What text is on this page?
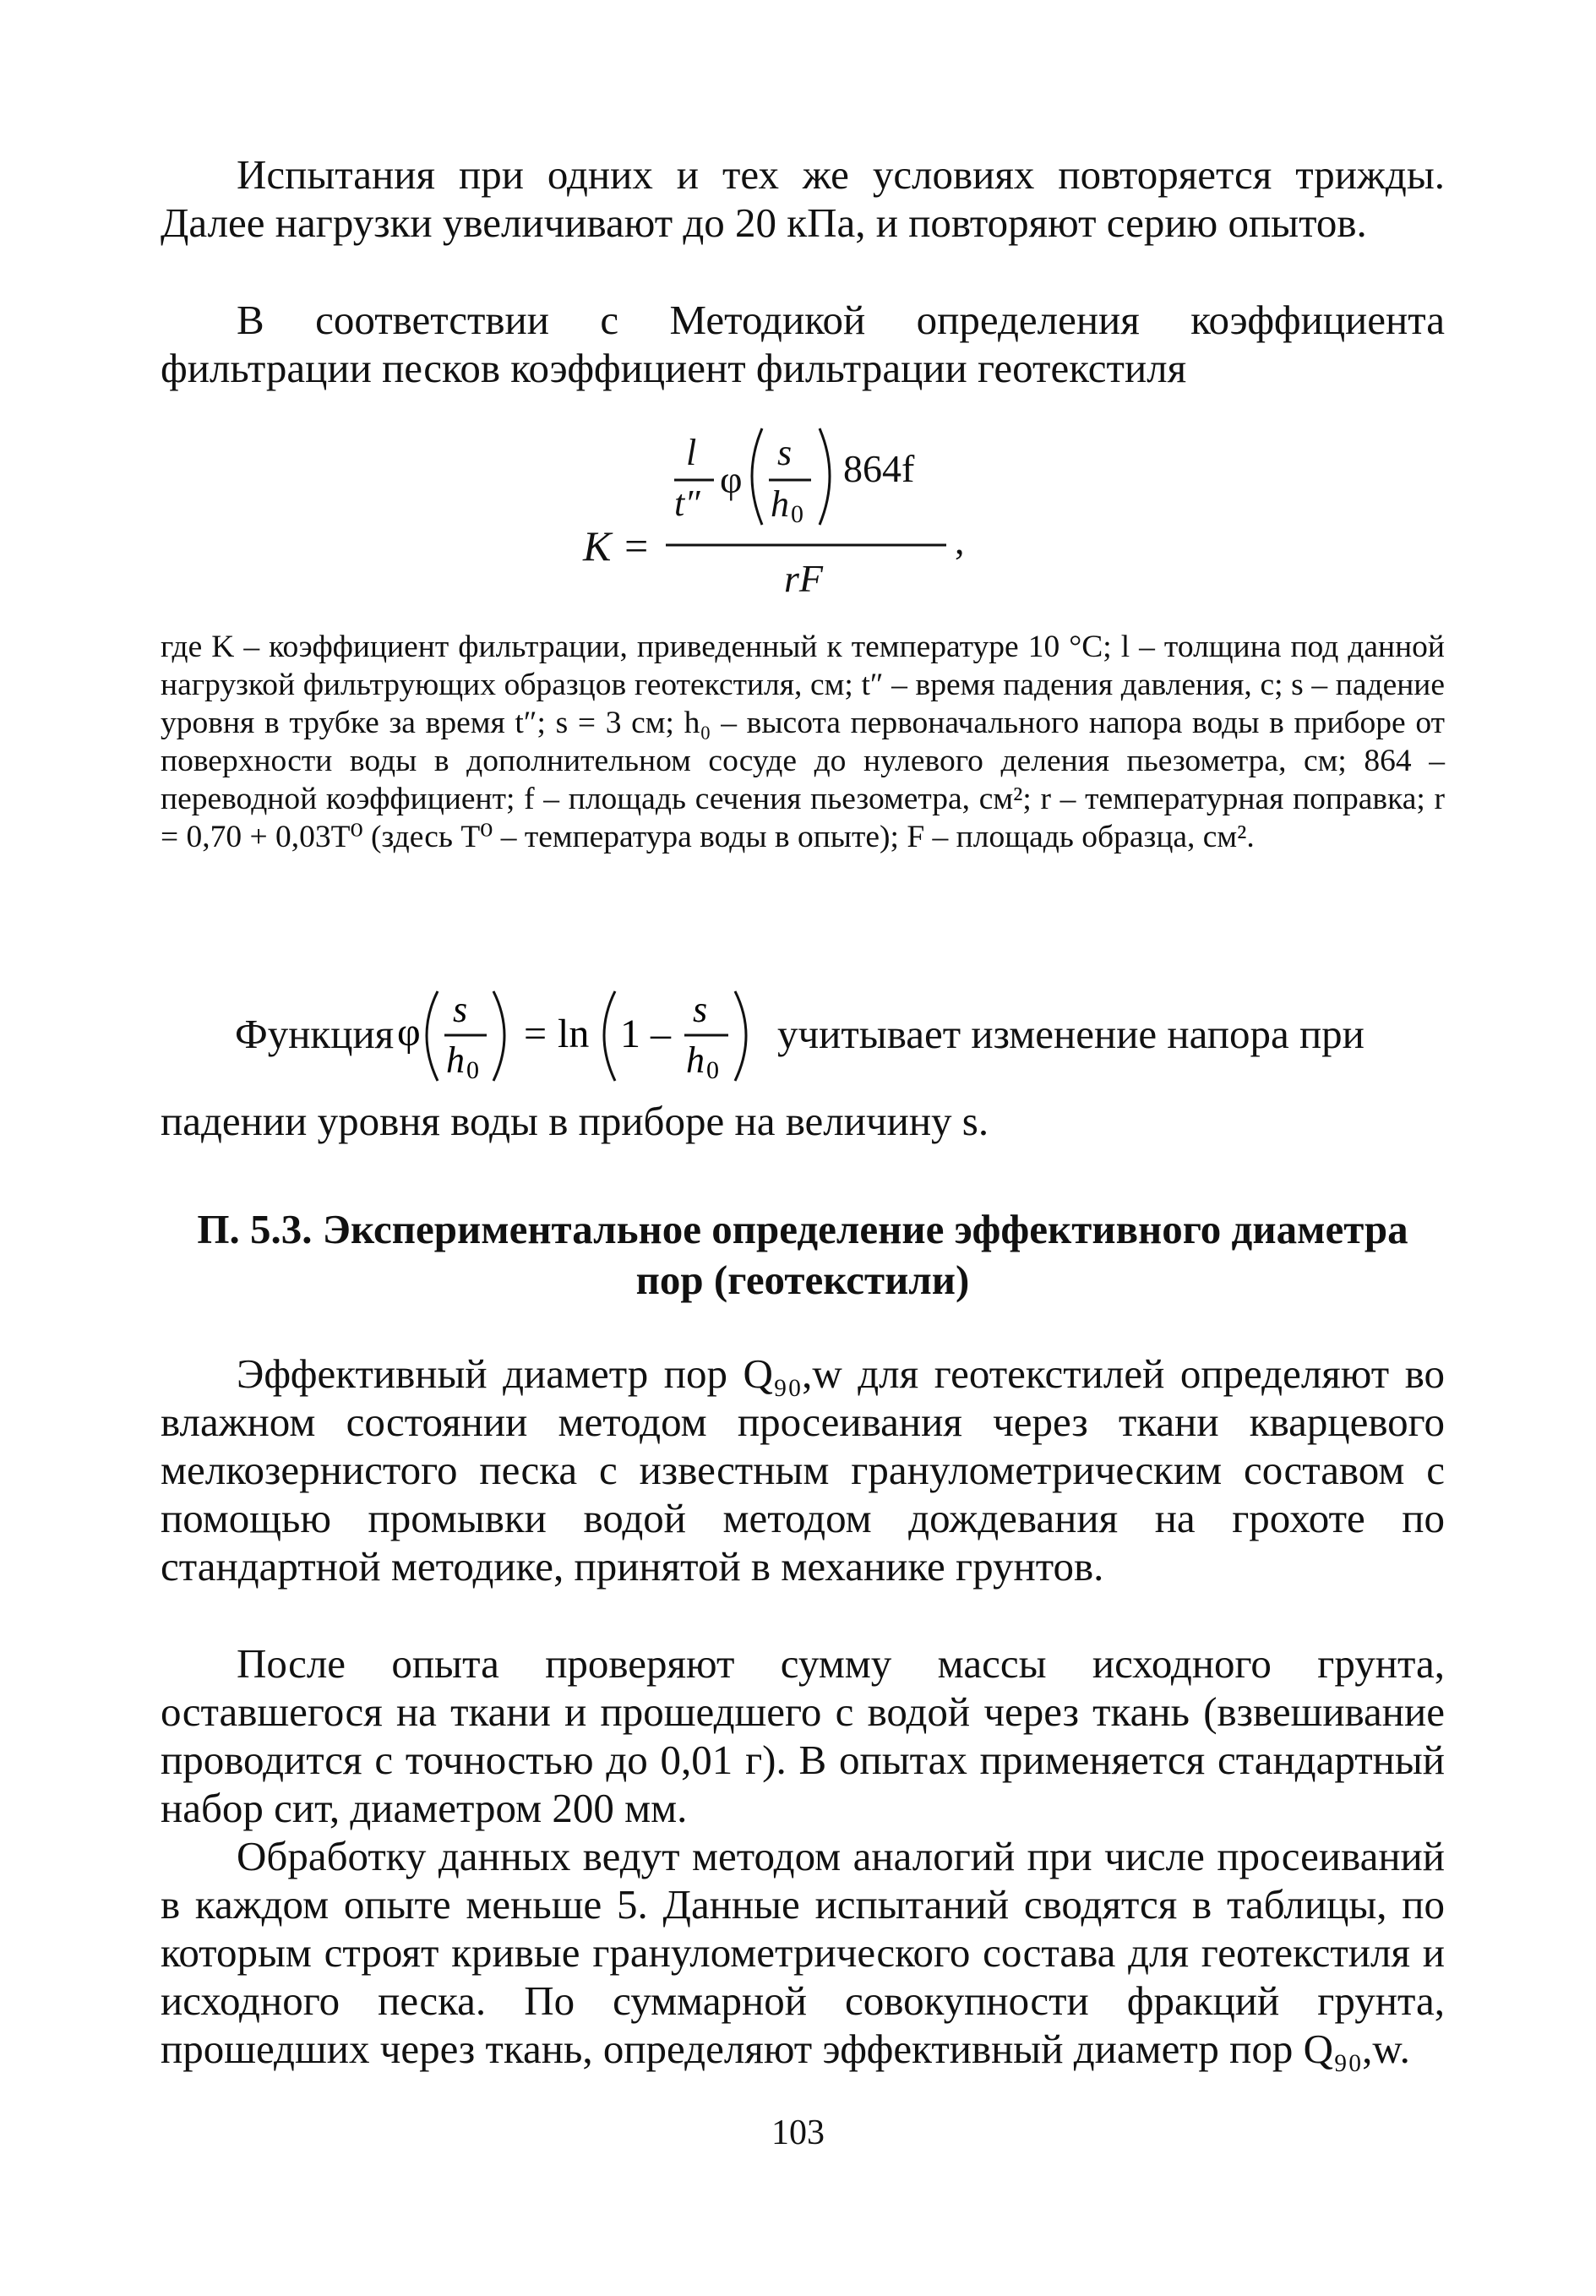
Испытания при одних и тех же условиях повторяется трижды. Далее нагрузки увеличивают до 20 кПа, и повторяют серию опытов.

В соответствии с Методикой определения коэффициента фильтрации песков коэффициент фильтрации геотекстиля

K =
l
t″
φ
s
h 0
864f
rF
,

где K – коэффициент фильтрации, приведенный к температуре 10 °С; l – толщина под данной нагрузкой фильтрующих образцов геотекстиля, см; t″ – время падения давления, с; s – падение уровня в трубке за время t″; s = 3 см; h₀ – высота первоначального напора воды в приборе от поверхности воды в дополнительном сосуде до нулевого деления пьезометра, см; 864 – переводной коэффициент; f – площадь сечения пьезометра, см²; r – температурная поправка; r = 0,70 + 0,03T⁰ (здесь T⁰ – температура воды в опыте); F – площадь образца, см².

Функция φ
s
h 0
= ln 1 –
s
h 0
учитывает изменение напора при

падении уровня воды в приборе на величину s.

П. 5.3. Экспериментальное определение эффективного диаметра пор (геотекстили)

Эффективный диаметр пор Q₉₀,w для геотекстилей определяют во влажном состоянии методом просеивания через ткани кварцевого мелкозернистого песка с известным гранулометрическим составом с помощью промывки водой методом дождевания на грохоте по стандартной методике, принятой в механике грунтов.

После опыта проверяют сумму массы исходного грунта, оставшегося на ткани и прошедшего с водой через ткань (взвешивание проводится с точностью до 0,01 г). В опытах применяется стандартный набор сит, диаметром 200 мм.

Обработку данных ведут методом аналогий при числе просеиваний в каждом опыте меньше 5. Данные испытаний сводятся в таблицы, по которым строят кривые гранулометрического состава для геотекстиля и исходного песка. По суммарной совокупности фракций грунта, прошедших через ткань, определяют эффективный диаметр пор Q₉₀,w.

103
